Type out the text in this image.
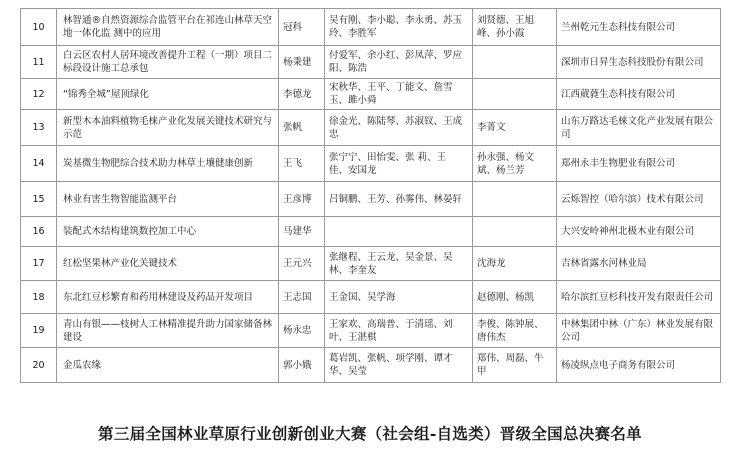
10	林智通®自然资源综合监管平台在祁连山林草天空地一体化监 测中的应用	冠科	吴有刚、李小聪、李永勇、苏玉玲、李胜军	刘贤德、王旭峰、孙小霞	兰州乾元生态科技有限公司
11	白云区农村人居环境改善提升工程（一期）项目二标段设计施工总承包	杨秉建	付爱军、余小红、彭凤萍、罗应阳、陈浩		深圳市日昇生态科技股份有限公司
12	“锦秀全城”屋顶绿化	李德龙	宋秋华、王平、丁能文、詹雪玉、雎小舜		江西葳蕤生态科技有限公司
13	新型木本油料植物毛梾产业化发展关键技术研究与示范	张帆	徐金光、陈陆琴、苏淑钗、王成忠	李菁文	山东万路达毛梾文化产业发展有限公司
14	炭基微生物肥综合技术助力林草土壤健康创新	王飞	张宁宁、田怡雯、张 莉、王 佳、安国龙	孙永强、杨文斌、杨兰芳	郑州永丰生物肥业有限公司
15	林业有害生物智能监测平台	王彦博	吕铜鹏、王芳、孙雾伟、林晏轩		云烁智控（哈尔滨）技术有限公司
16	装配式木结构建筑数控加工中心	马建华			大兴安岭神州北极木业有限公司
17	红松坚果林产业化关键技术	王元兴	张继程、王云龙、吴金景、吴林、李奎友	沈海龙	吉林省露水河林业局
18	东北红豆杉繁育和药用林建设及药品开发项目	王志国	王金国、吴学海	赵德刚、杨凯	哈尔滨红豆杉科技开发有限责任公司
19	青山有银——枝树人工林精准提升助力国家储备林建设	杨永忠	王家欢、高瑞普、于清瑶、刘叶、王湛棋	李俊、陈钟展、唐伟杰	中林集团中林（广东）林业发展有限公司
20	金瓜农缘	郭小娥	葛岩凯、张帆、项学刚、谭才华、吴莹	郑伟、周磊、牛甲	杨凌纵点电子商务有限公司
第三届全国林业草原行业创新创业大赛（社会组-自选类）晋级全国总决赛名单
